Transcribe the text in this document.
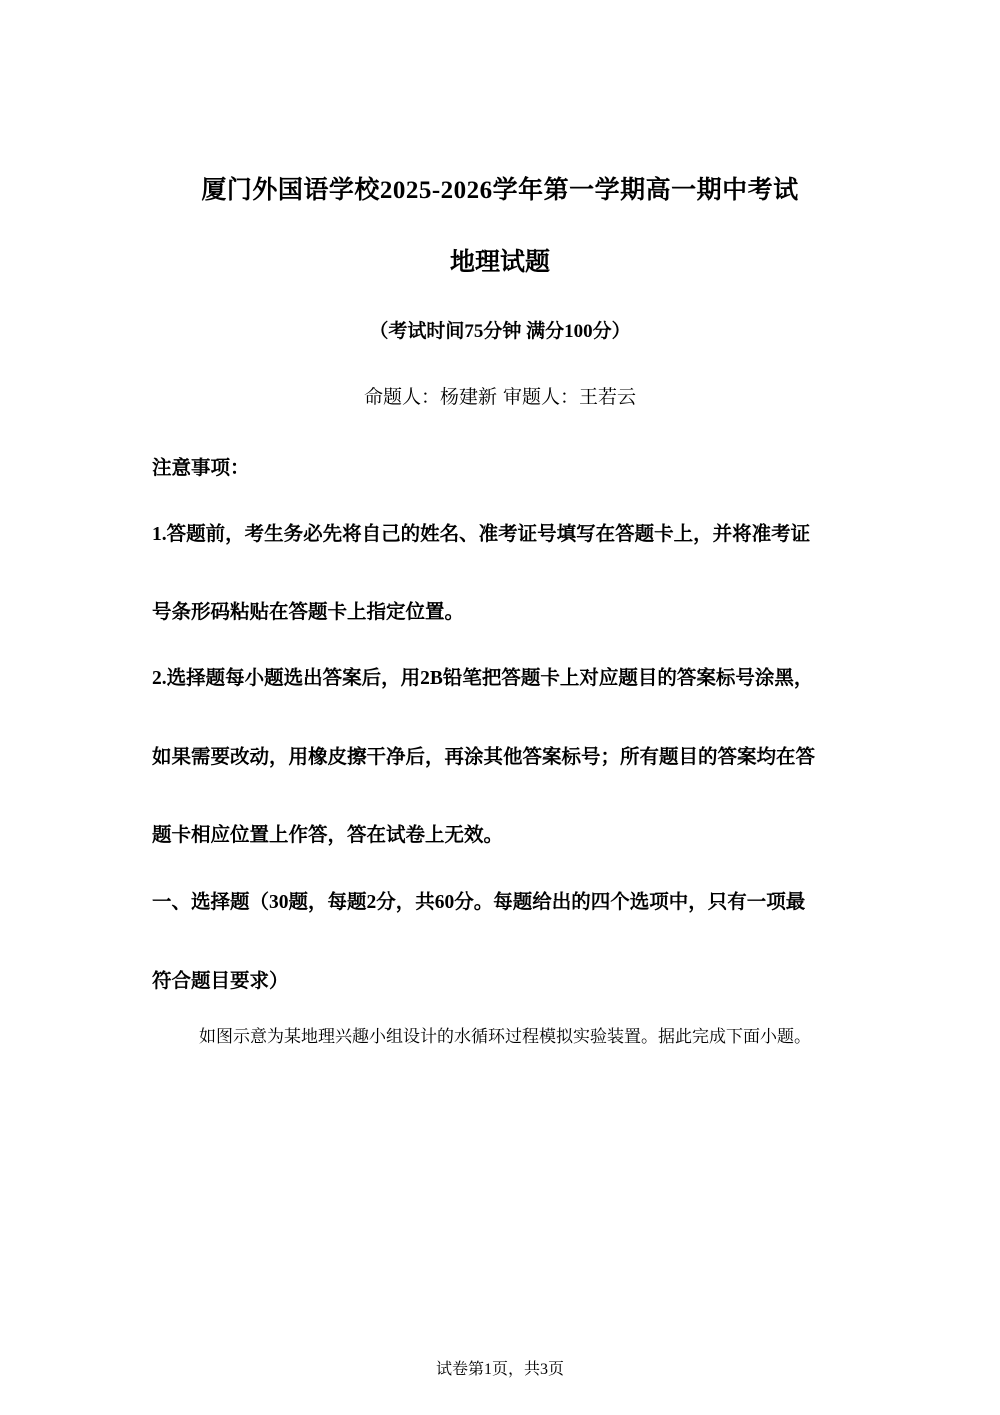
厦门外国语学校2025-2026学年第一学期高一期中考试
地理试题
（考试时间75分钟 满分100分）
命题人：杨建新 审题人：王若云
注意事项：
1.答题前，考生务必先将自己的姓名、准考证号填写在答题卡上，并将准考证
号条形码粘贴在答题卡上指定位置。
2.选择题每小题选出答案后，用2B铅笔把答题卡上对应题目的答案标号涂黑，
如果需要改动，用橡皮擦干净后，再涂其他答案标号；所有题目的答案均在答
题卡相应位置上作答，答在试卷上无效。
一、选择题（30题，每题2分，共60分。每题给出的四个选项中，只有一项最
符合题目要求）
如图示意为某地理兴趣小组设计的水循环过程模拟实验装置。据此完成下面小题。
试卷第1页，共3页
